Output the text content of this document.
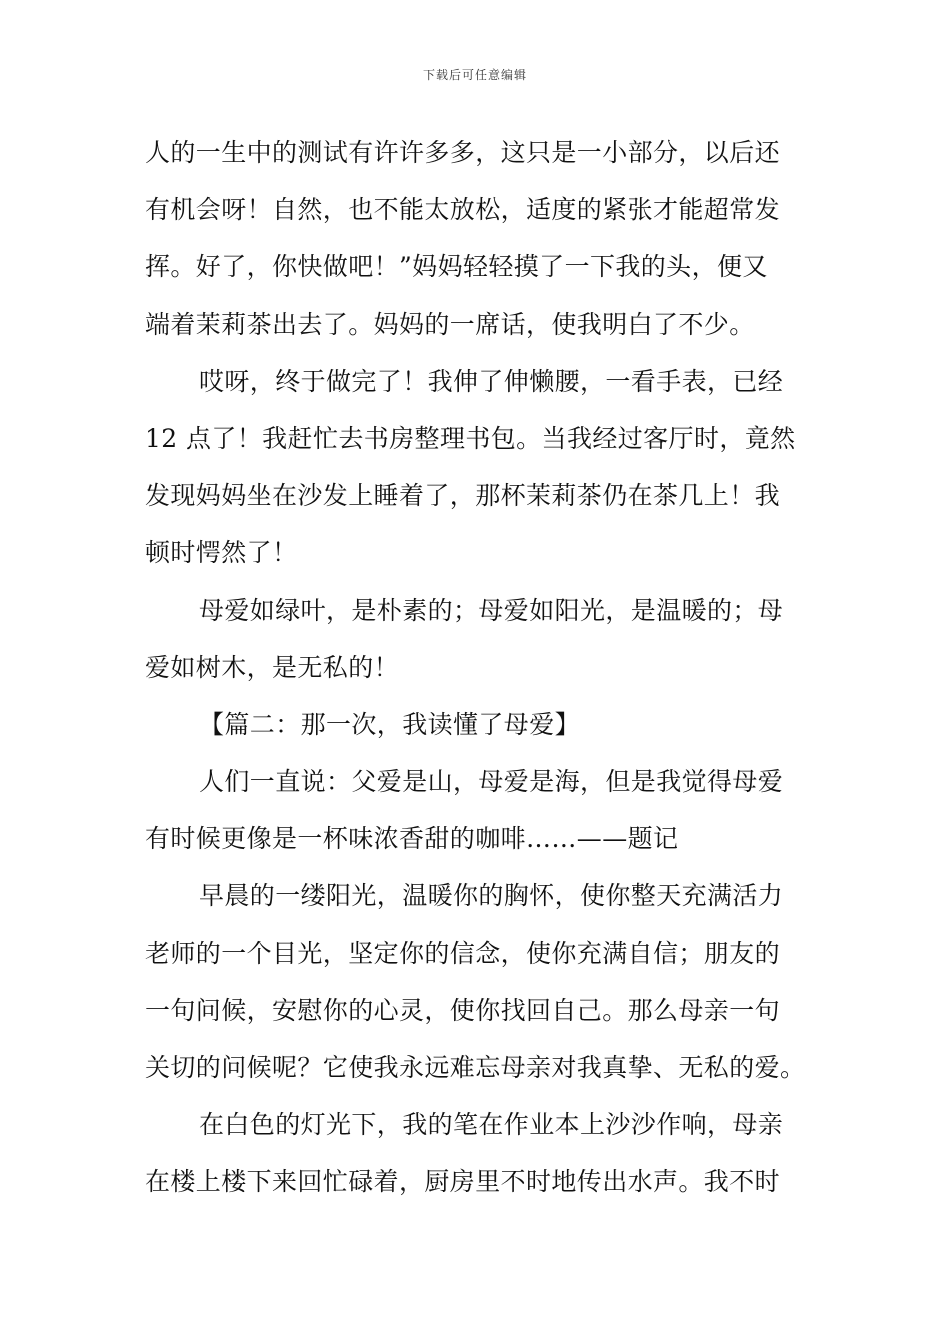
下载后可任意编辑
人的一生中的测试有许许多多，这只是一小部分，以后还
有机会呀！自然，也不能太放松，适度的紧张才能超常发
挥。好了，你快做吧！”妈妈轻轻摸了一下我的头，便又
端着茉莉茶出去了。妈妈的一席话，使我明白了不少。
哎呀，终于做完了！我伸了伸懒腰，一看手表，已经
12 点了！我赶忙去书房整理书包。当我经过客厅时，竟然
发现妈妈坐在沙发上睡着了，那杯茉莉茶仍在茶几上！我
顿时愕然了！
母爱如绿叶，是朴素的；母爱如阳光，是温暖的；母
爱如树木，是无私的！
【篇二：那一次，我读懂了母爱】
人们一直说：父爱是山，母爱是海，但是我觉得母爱
有时候更像是一杯味浓香甜的咖啡……——题记
早晨的一缕阳光，温暖你的胸怀，使你整天充满活力
老师的一个目光，坚定你的信念，使你充满自信；朋友的
一句问候，安慰你的心灵，使你找回自己。那么母亲一句
关切的问候呢？它使我永远难忘母亲对我真挚、无私的爱。
在白色的灯光下，我的笔在作业本上沙沙作响，母亲
在楼上楼下来回忙碌着，厨房里不时地传出水声。我不时
